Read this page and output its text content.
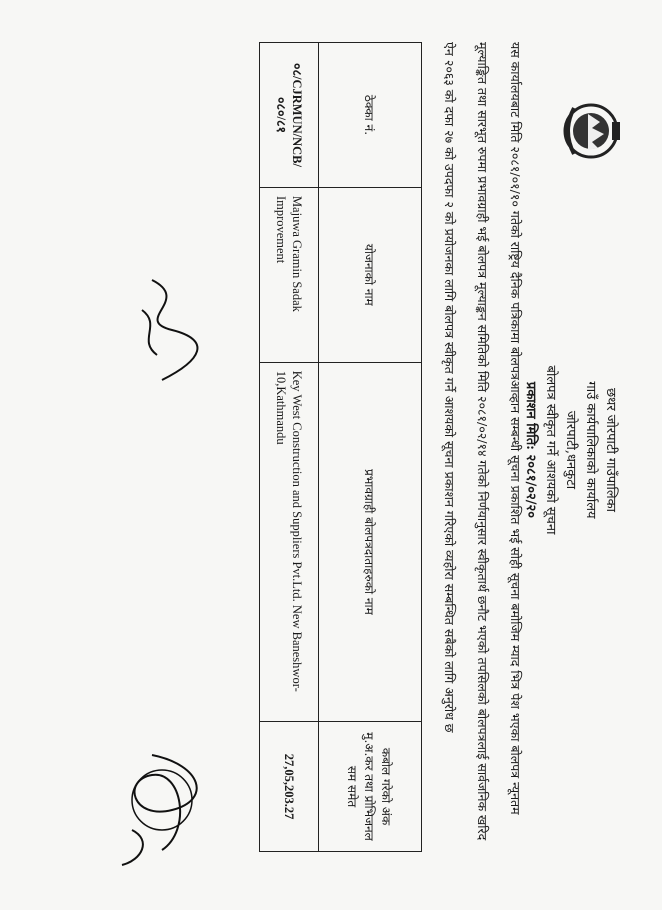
छथर जोरपाटी गाउँपालिका
गाउँ कार्यपालिकाको कार्यालय
जोरपाटी,धनकुटा
बोलपत्र स्वीकृत गर्ने आशयको सूचना
प्रकाशन मिति: २०८१/०२/२०

यस कार्यालयबाट मिति २०८१/०१/१० गतेको राष्ट्रिय दैनिक पत्रिकामा बोलपत्रआव्हान सम्बन्धी सूचना प्रकाशित भई सोही सूचना बमोजिम म्याद भित्र पेश भएका बोलपत्र न्यूनतम मूल्याङ्कित तथा सारभूत रुपमा प्रभावग्राही भई बोलपत्र मूल्याङ्कन समितिको मिति २०८१/०२/१४ गतेको निर्णयानुसार स्वीकृतार्थ छनौट भएको तपसिलको बोलपत्रलाई सार्वजनिक खरिद ऐन २०६३ को दफा २७ को उपदफा २ को प्रयोजनका लागि बोलपत्र स्वीकृत गर्ने आशयको सूचना प्रकाशन गरिएको व्यहोरा सम्बन्धित सबैको लागि अनुरोध छ

ठेक्का नं.	योजनाको नाम	प्रभावग्राही बोलपत्रदाताहरुको नाम	कबोल गरेको अंक मु.अ.कर तथा प्रोभिजनल सम समेत
०८/CJRMUN/NCB/ ०८०/८१	Majuwa Gramin Sadak Improvement	Key West Construction and Suppliers Pvt.Ltd. New Baneshwor-10,Kathmandu	27,05,203.27
